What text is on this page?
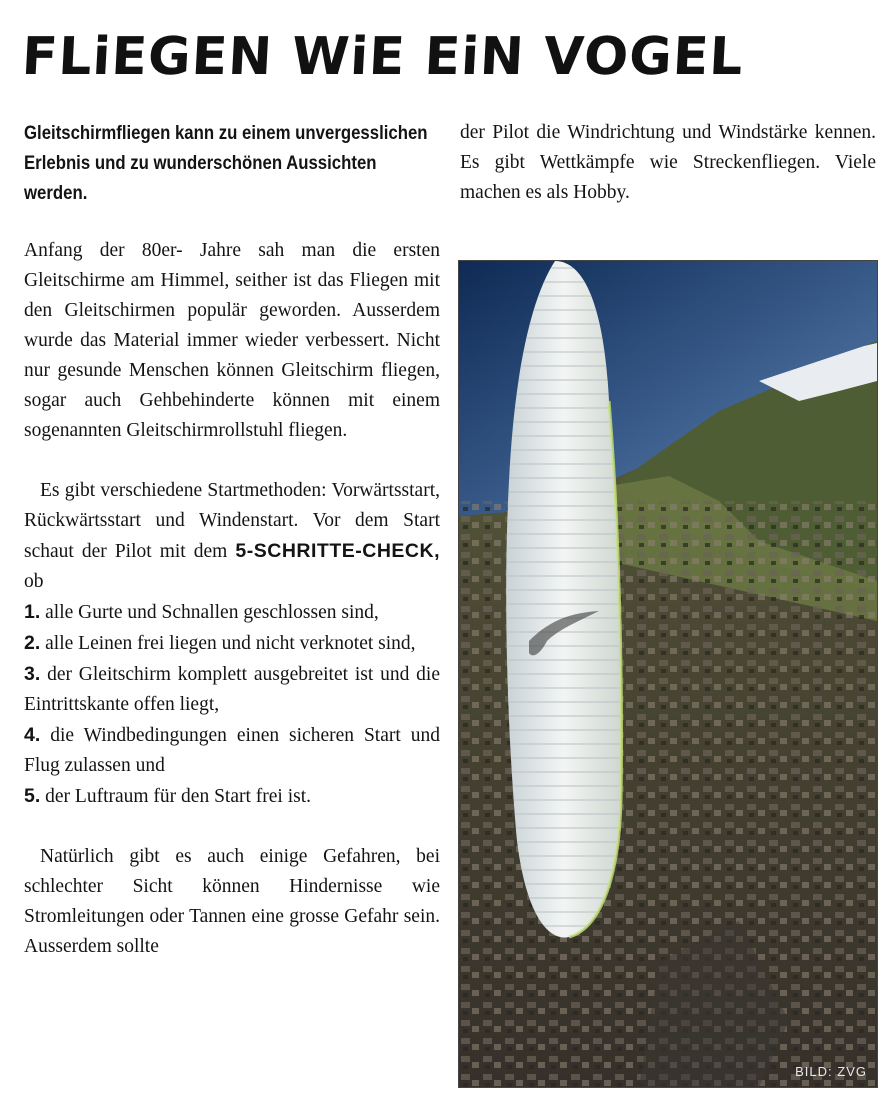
FLiEGEN WiE EiN VOGEL

Gleitschirmfliegen kann zu einem unvergesslichen Erlebnis und zu wunderschönen Aussichten werden.

Anfang der 80er- Jahre sah man die ersten Gleitschirme am Himmel, seither ist das Fliegen mit den Gleitschirmen populär geworden. Ausserdem wurde das Material immer wieder verbessert. Nicht nur gesunde Menschen können Gleitschirm fliegen, sogar auch Gehbehinderte können mit einem sogenannten Gleitschirmrollstuhl fliegen.

Es gibt verschiedene Startmethoden: Vorwärtsstart, Rückwärtsstart und Windenstart. Vor dem Start schaut der Pilot mit dem 5-SCHRITTE-CHECK, ob

1. alle Gurte und Schnallen geschlossen sind,

2. alle Leinen frei liegen und nicht verknotet sind,

3. der Gleitschirm komplett ausgebreitet ist und die Eintrittskante offen liegt,

4. die Windbedingungen einen sicheren Start und Flug zulassen und

5. der Luftraum für den Start frei ist.

Natürlich gibt es auch einige Gefahren, bei schlechter Sicht können Hindernisse wie Stromleitungen oder Tannen eine grosse Gefahr sein. Ausserdem sollte

der Pilot die Windrichtung und Windstärke kennen. Es gibt Wettkämpfe wie Streckenfliegen. Viele machen es als Hobby.

BILD: ZVG
